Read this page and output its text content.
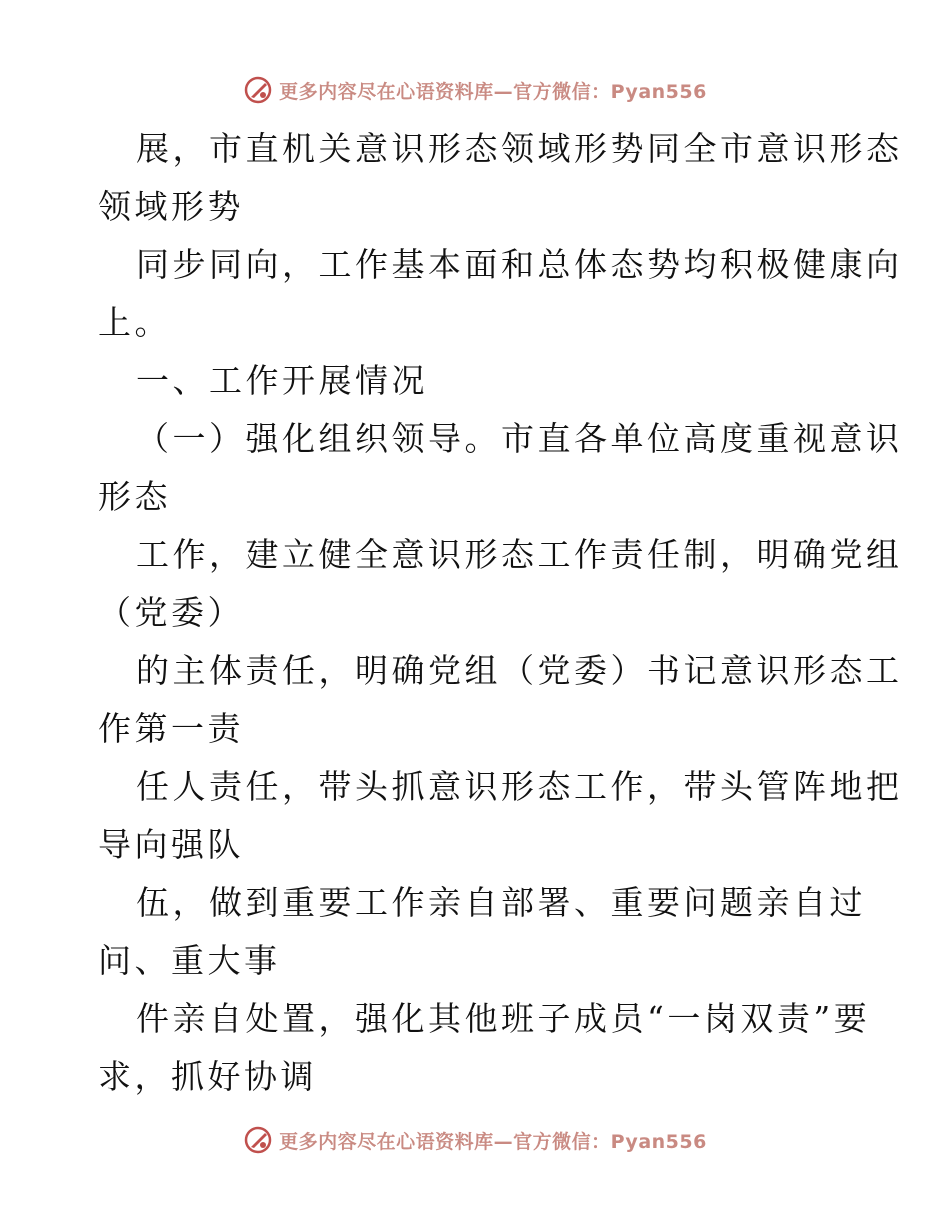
更多内容尽在心语资料库—官方微信：Pyan556

展，市直机关意识形态领域形势同全市意识形态

领域形势

同步同向，工作基本面和总体态势均积极健康向

上。

一、工作开展情况

（一）强化组织领导。市直各单位高度重视意识

形态

工作，建立健全意识形态工作责任制，明确党组

（党委）

的主体责任，明确党组（党委）书记意识形态工

作第一责

任人责任，带头抓意识形态工作，带头管阵地把

导向强队

伍，做到重要工作亲自部署、重要问题亲自过

问、重大事

件亲自处置，强化其他班子成员“一岗双责”要

求，抓好协调

更多内容尽在心语资料库—官方微信：Pyan556
